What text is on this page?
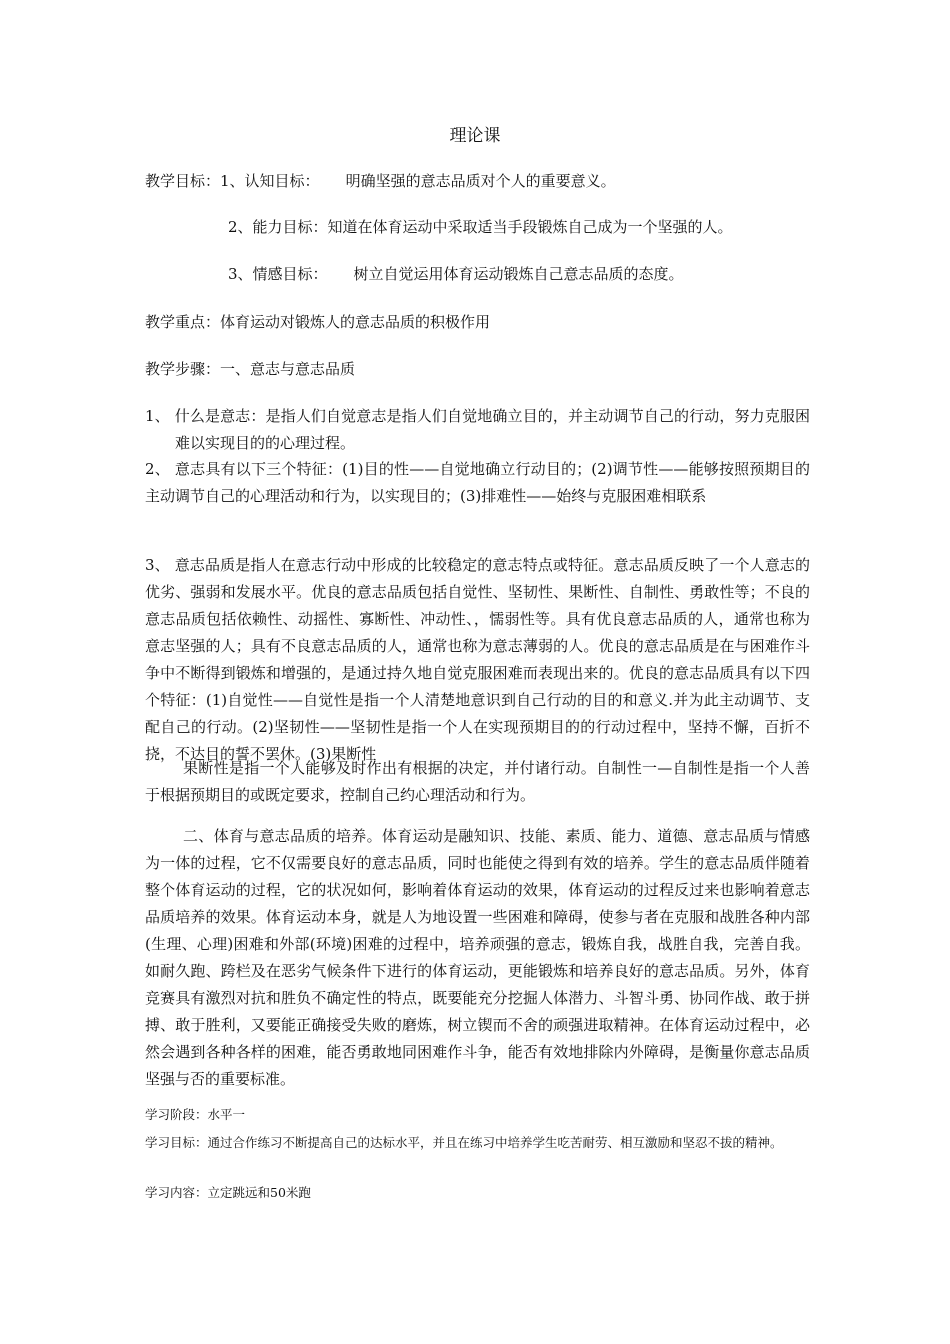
理论课
教学目标：1、认知目标： 明确坚强的意志品质对个人的重要意义。
2、能力目标：知道在体育运动中采取适当手段锻炼自己成为一个坚强的人。
3、情感目标： 树立自觉运用体育运动锻炼自己意志品质的态度。
教学重点：体育运动对锻炼人的意志品质的积极作用
教学步骤：一、意志与意志品质
1、 什么是意志：是指人们自觉意志是指人们自觉地确立目的，并主动调节自己的行动，努力克服困难以实现目的的心理过程。
2、 意志具有以下三个特征：(1)目的性——自觉地确立行动目的；(2)调节性——能够按照预期目的主动调节自己的心理活动和行为，以实现目的；(3)排难性——始终与克服困难相联系
3、 意志品质是指人在意志行动中形成的比较稳定的意志特点或特征。意志品质反映了一个人意志的优劣、强弱和发展水平。优良的意志品质包括自觉性、坚韧性、果断性、自制性、勇敢性等；不良的意志品质包括依赖性、动摇性、寡断性、冲动性、，懦弱性等。具有优良意志品质的人，通常也称为意志坚强的人；具有不良意志品质的人，通常也称为意志薄弱的人。优良的意志品质是在与困难作斗争中不断得到锻炼和增强的，是通过持久地自觉克服困难而表现出来的。优良的意志品质具有以下四个特征：(1)自觉性——自觉性是指一个人清楚地意识到自己行动的目的和意义.并为此主动调节、支配自己的行动。(2)坚韧性——坚韧性是指一个人在实现预期目的的行动过程中，坚持不懈，百折不挠，不达目的誓不罢休。(3)果断性
果断性是指一个人能够及时作出有根据的决定，并付诸行动。自制性一—自制性是指一个人善于根据预期目的或既定要求，控制自己约心理活动和行为。
二、体育与意志品质的培养。体育运动是融知识、技能、素质、能力、道德、意志品质与情感为一体的过程，它不仅需要良好的意志品质，同时也能使之得到有效的培养。学生的意志品质伴随着整个体育运动的过程，它的状况如何，影响着体育运动的效果，体育运动的过程反过来也影响着意志品质培养的效果。体育运动本身，就是人为地设置一些困难和障碍，使参与者在克服和战胜各种内部(生理、心理)困难和外部(环境)困难的过程中，培养顽强的意志，锻炼自我，战胜自我，完善自我。如耐久跑、跨栏及在恶劣气候条件下进行的体育运动，更能锻炼和培养良好的意志品质。另外，体育竞赛具有激烈对抗和胜负不确定性的特点，既要能充分挖掘人体潜力、斗智斗勇、协同作战、敢于拼搏、敢于胜利，又要能正确接受失败的磨炼，树立锲而不舍的顽强进取精神。在体育运动过程中，必然会遇到各种各样的困难，能否勇敢地同困难作斗争，能否有效地排除内外障碍，是衡量你意志品质坚强与否的重要标准。
学习阶段：水平一
学习目标：通过合作练习不断提高自己的达标水平，并且在练习中培养学生吃苦耐劳、相互激励和坚忍不拔的精神。
学习内容：立定跳远和50米跑
